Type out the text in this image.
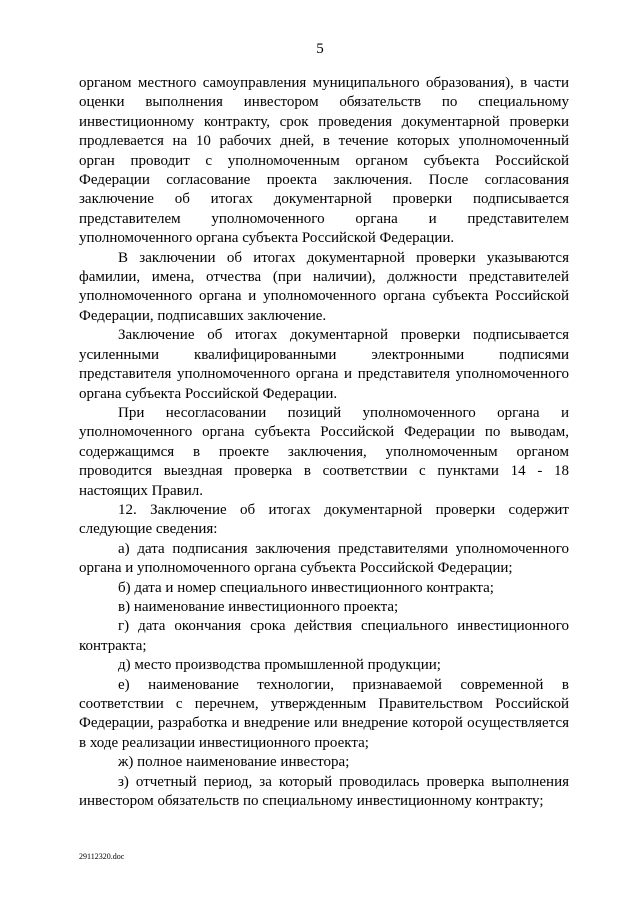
5

органом местного самоуправления муниципального образования), в части оценки выполнения инвестором обязательств по специальному инвестиционному контракту, срок проведения документарной проверки продлевается на 10 рабочих дней, в течение которых уполномоченный орган проводит с уполномоченным органом субъекта Российской Федерации согласование проекта заключения. После согласования заключение об итогах документарной проверки подписывается представителем уполномоченного органа и представителем уполномоченного органа субъекта Российской Федерации.

В заключении об итогах документарной проверки указываются фамилии, имена, отчества (при наличии), должности представителей уполномоченного органа и уполномоченного органа субъекта Российской Федерации, подписавших заключение.

Заключение об итогах документарной проверки подписывается усиленными квалифицированными электронными подписями представителя уполномоченного органа и представителя уполномоченного органа субъекта Российской Федерации.

При несогласовании позиций уполномоченного органа и уполномоченного органа субъекта Российской Федерации по выводам, содержащимся в проекте заключения, уполномоченным органом проводится выездная проверка в соответствии с пунктами 14 - 18 настоящих Правил.

12. Заключение об итогах документарной проверки содержит следующие сведения:

а) дата подписания заключения представителями уполномоченного органа и уполномоченного органа субъекта Российской Федерации;

б) дата и номер специального инвестиционного контракта;

в) наименование инвестиционного проекта;

г) дата окончания срока действия специального инвестиционного контракта;

д) место производства промышленной продукции;

е) наименование технологии, признаваемой современной в соответствии с перечнем, утвержденным Правительством Российской Федерации, разработка и внедрение или внедрение которой осуществляется в ходе реализации инвестиционного проекта;

ж) полное наименование инвестора;

з) отчетный период, за который проводилась проверка выполнения инвестором обязательств по специальному инвестиционному контракту;

29112320.doc
